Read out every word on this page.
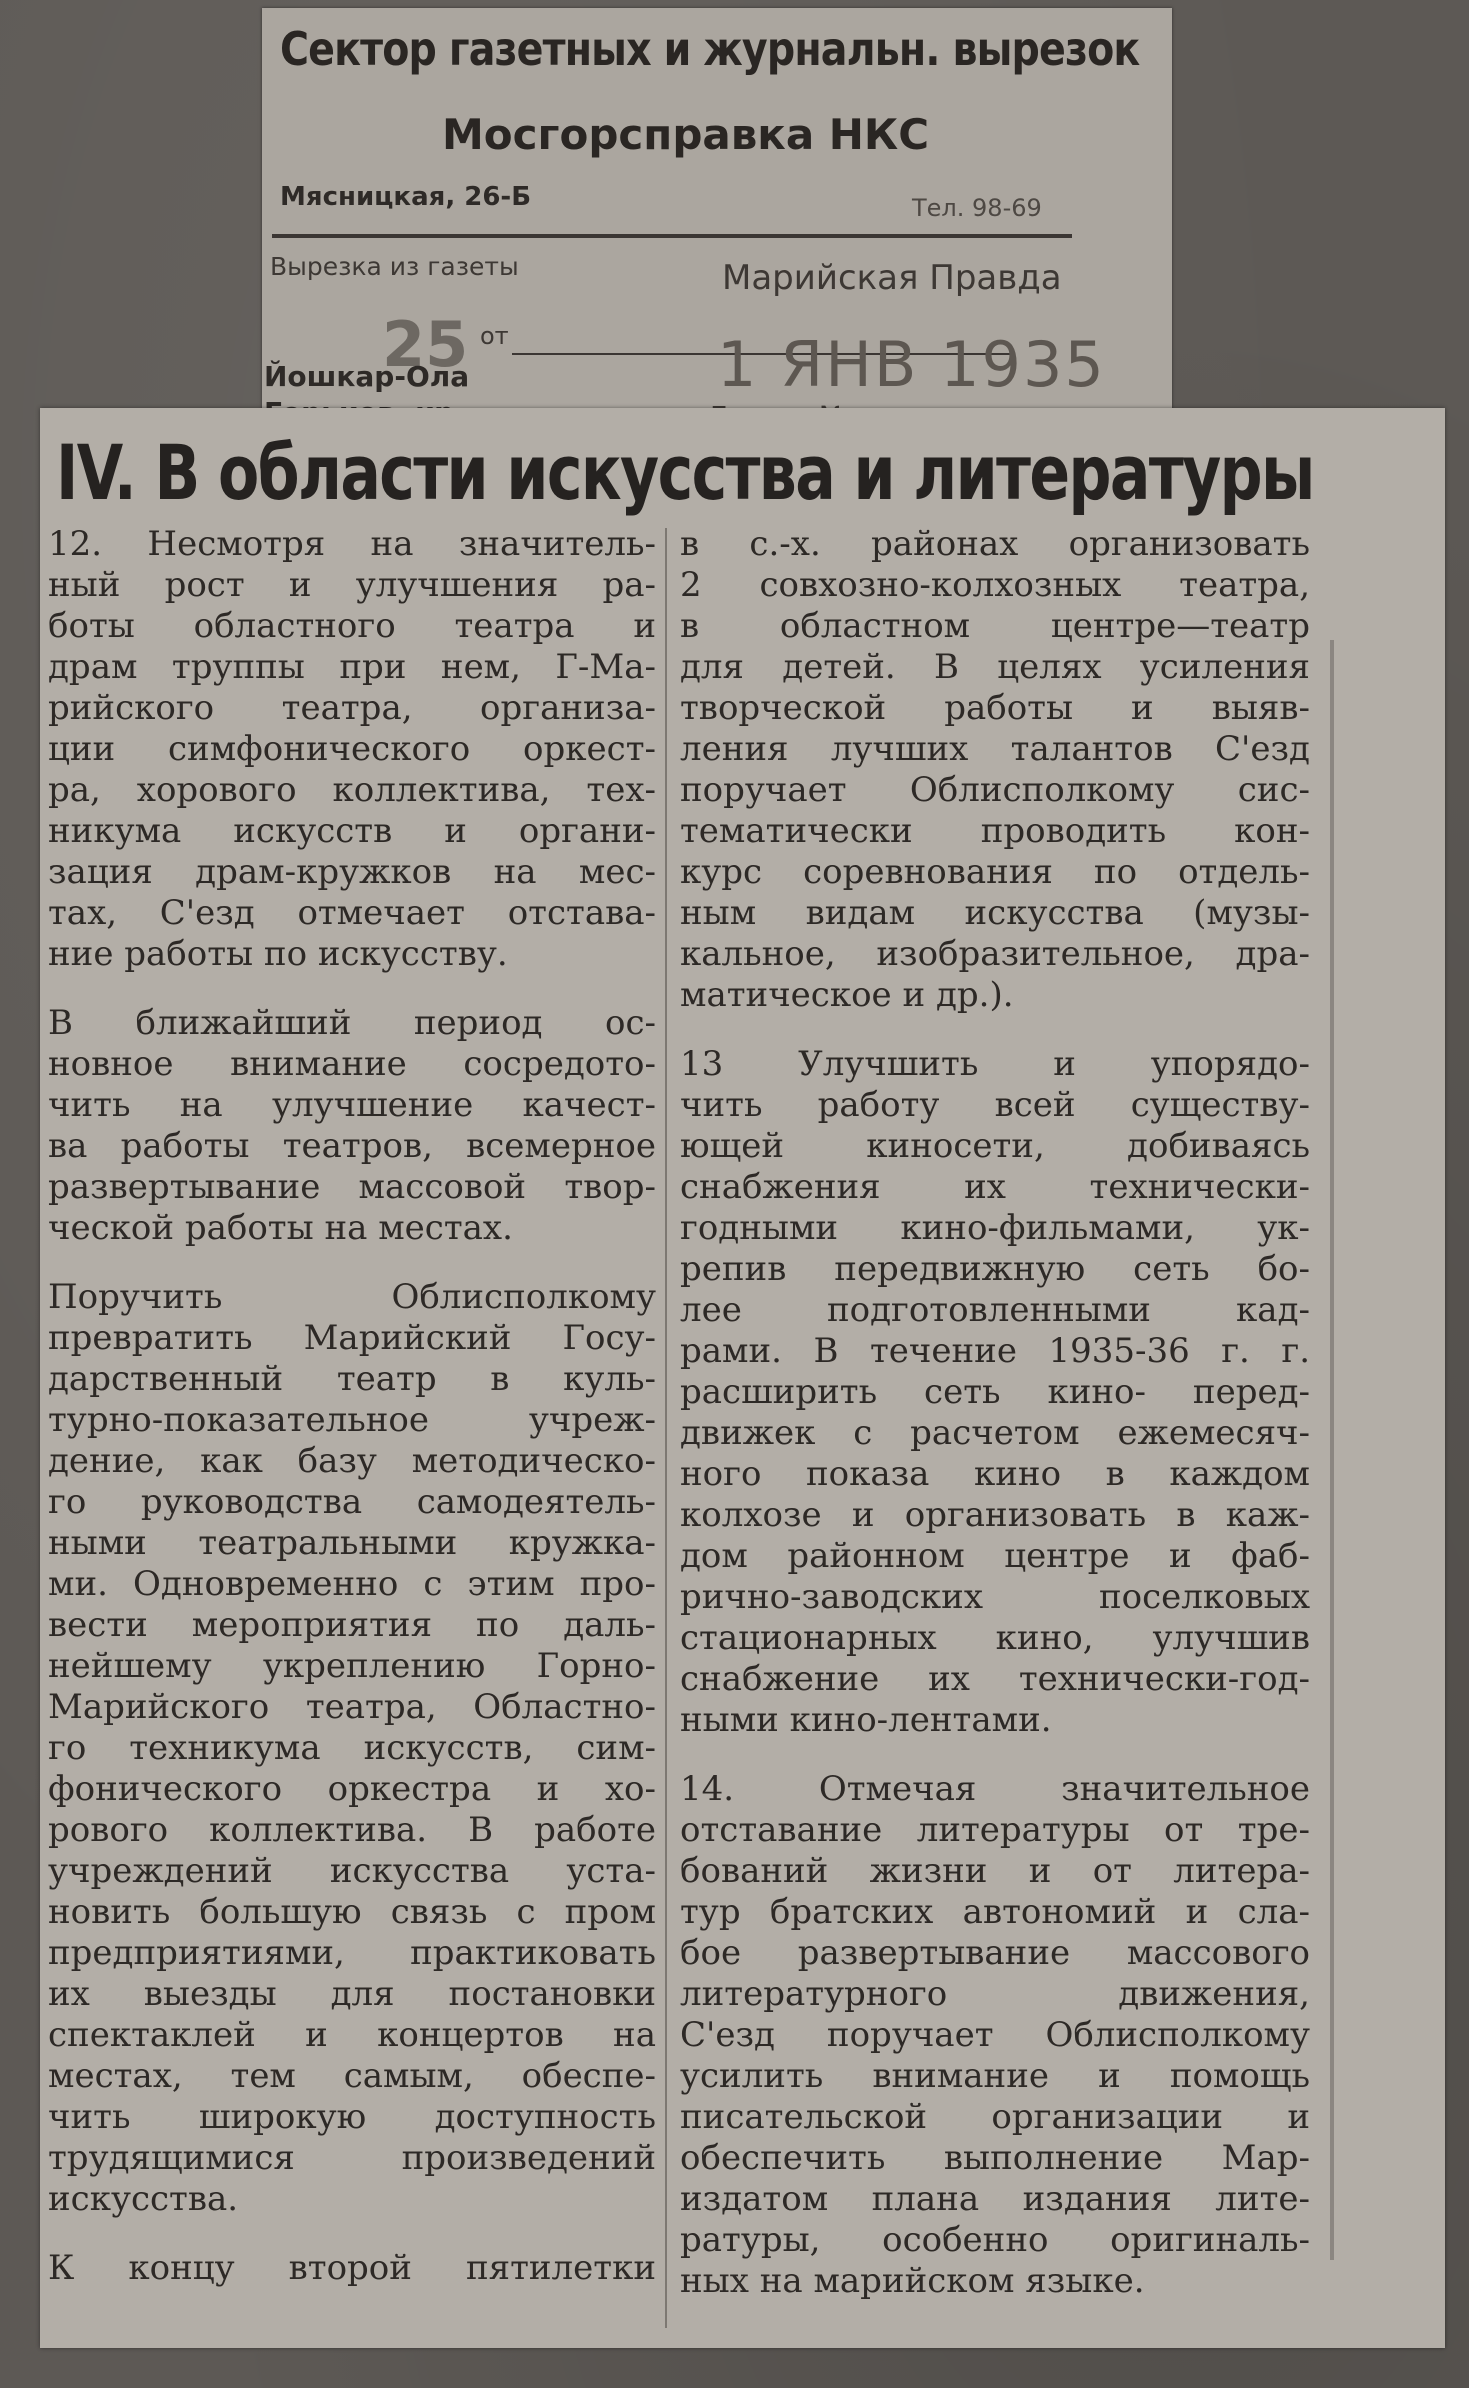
Сектор газетных и журнальн. вырезок
Мосгорсправка НКС
Мясницкая, 26-Б	Тел. 98-69
Вырезка из газеты	Марийская Правда
25 от	1 ЯНВ 1935
Йошкар-Ола
IV. В области искусства и литературы
12. Несмотря на значитель-
ный рост и улучшения ра-
боты областного театра и
драм труппы при нем, Г-Ма-
рийского театра, организа-
ции симфонического оркест-
ра, хорового коллектива, тех-
никума искусств и органи-
зация драм-кружков на мес-
тах, С'езд отмечает отстава-
ние работы по искусству.
В ближайший период ос-
новное внимание сосредото-
чить на улучшение качест-
ва работы театров, всемерное
развертывание массовой твор-
ческой работы на местах.
Поручить Облисполкому
превратить Марийский Госу-
дарственный театр в куль-
турно-показательное учреж-
дение, как базу методическо-
го руководства самодеятель-
ными театральными кружка-
ми. Одновременно с этим про-
вести мероприятия по даль-
нейшему укреплению Горно-
Марийского театра, Областно-
го техникума искусств, сим-
фонического оркестра и хо-
рового коллектива. В работе
учреждений искусства уста-
новить большую связь с пром
предприятиями, практиковать
их выезды для постановки
спектаклей и концертов на
местах, тем самым, обеспе-
чить широкую доступность
трудящимися произведений
искусства.
К концу второй пятилетки
в с.-х. районах организовать
2 совхозно-колхозных театра,
в областном центре—театр
для детей. В целях усиления
творческой работы и выяв-
ления лучших талантов С'езд
поручает Облисполкому сис-
тематически проводить кон-
курс соревнования по отдель-
ным видам искусства (музы-
кальное, изобразительное, дра-
матическое и др.).
13 Улучшить и упорядо-
чить работу всей существу-
ющей киносети, добиваясь
снабжения их технически-
годными кино-фильмами, ук-
репив передвижную сеть бо-
лее подготовленными кад-
рами. В течение 1935-36 г. г.
расширить сеть кино- перед-
движек с расчетом ежемесяч-
ного показа кино в каждом
колхозе и организовать в каж-
дом районном центре и фаб-
рично-заводских поселковых
стационарных кино, улучшив
снабжение их технически-год-
ными кино-лентами.
14. Отмечая значительное
отставание литературы от тре-
бований жизни и от литера-
тур братских автономий и сла-
бое развертывание массового
литературного движения,
С'езд поручает Облисполкому
усилить внимание и помощь
писательской организации и
обеспечить выполнение Мар-
издатом плана издания лите-
ратуры, особенно оригиналь-
ных на марийском языке.
